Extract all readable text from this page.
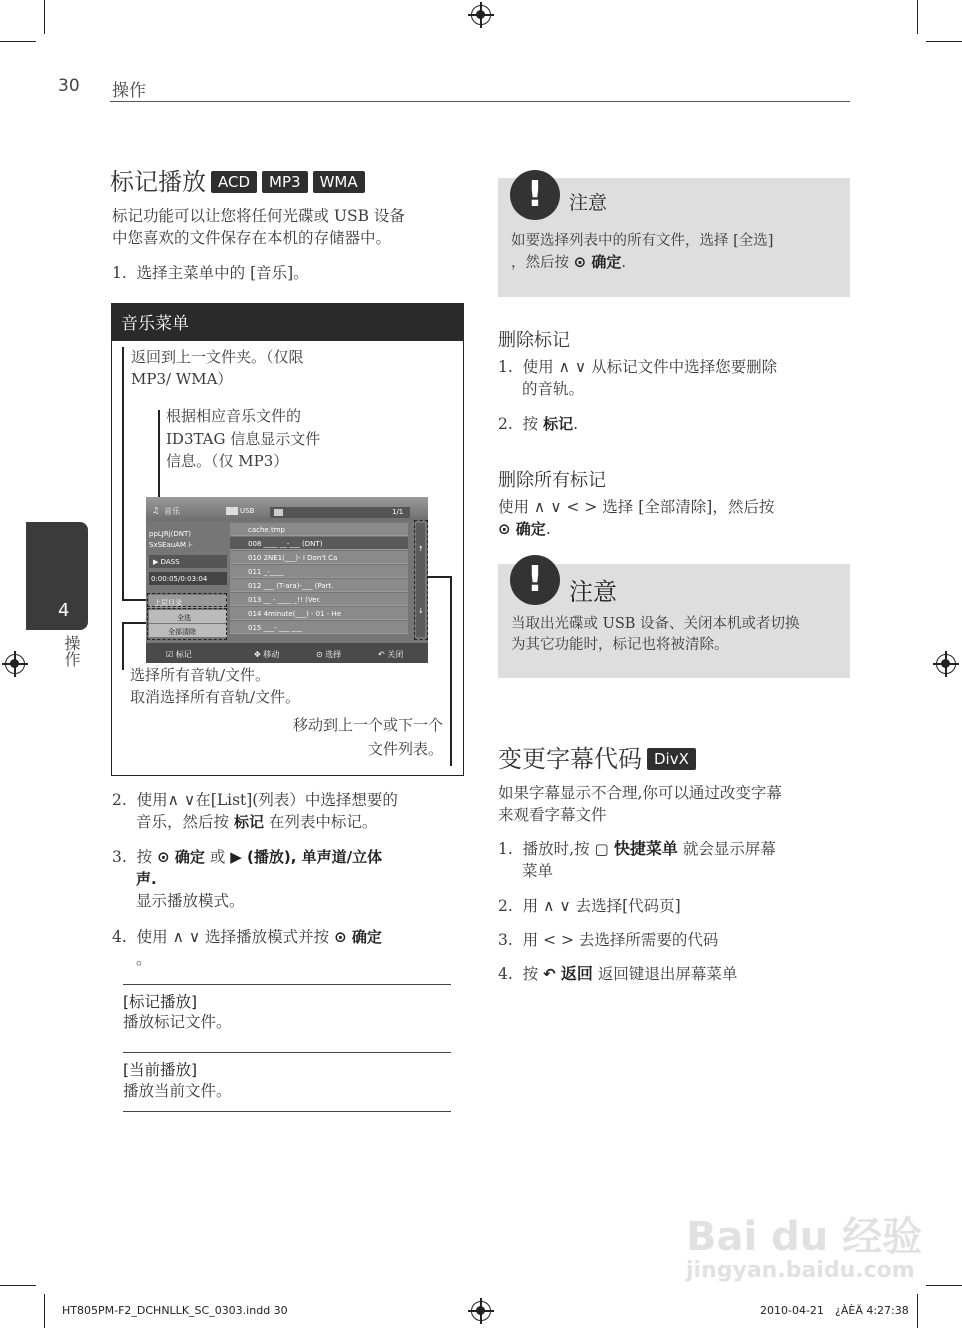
30 操作
4
操作
标记播放 ACD MP3 WMA
标记功能可以让您将任何光碟或 USB 设备
中您喜欢的文件保存在本机的存储器中。
1. 选择主菜单中的 [音乐]。
音乐菜单
返回到上一文件夹。（仅限
MP3/ WMA）
根据相应音乐文件的
ID3TAG 信息显示文件
信息。（仅 MP3）
♫ 音乐	USB	1/1
ppLJRj(DNT)
SxSEauAM i-
▶ DASS
0:00:05/0:03:04
上层目录
全选
全部清除
cache.tmp
008 ____ __-___ (DNT)
010 2NE1(___)- I Don't Ca
011 _-____
012 ___ (T-ara)-___ (Part.
013 __ - ____ _!! (Ver.
014 4minute(___) - 01 - He
015 ___- ___ ___
↑
↓
☑ 标记	✥ 移动	⊙ 选择	↶ 关闭
选择所有音轨/文件。
取消选择所有音轨/文件。
移动到上一个或下一个
文件列表。
2. 使用∧ ∨在[List](列表）中选择想要的
音乐，然后按 标记 在列表中标记。
3. 按 ⊙ 确定 或 ▶ (播放), 单声道/立体
声.
显示播放模式。
4. 使用 ∧ ∨ 选择播放模式并按 ⊙ 确定
。
[标记播放]
播放标记文件。
[当前播放]
播放当前文件。
!	注意
如要选择列表中的所有文件，选择 [全选]
，然后按 ⊙ 确定.
删除标记
1. 使用 ∧ ∨ 从标记文件中选择您要删除
的音轨。
2. 按 标记.
删除所有标记
使用 ∧ ∨ < > 选择 [全部清除]，然后按
⊙ 确定.
!	注意
当取出光碟或 USB 设备、关闭本机或者切换
为其它功能时，标记也将被清除。
变更字幕代码 DivX
如果字幕显示不合理,你可以通过改变字幕
来观看字幕文件
1. 播放时,按 ▢ 快捷菜单 就会显示屏幕
菜单
2. 用 ∧ ∨ 去选择[代码页]
3. 用 < > 去选择所需要的代码
4. 按 ↶ 返回 返回键退出屏幕菜单
Bai du 经验
jingyan.baidu.com
HT805PM-F2_DCHNLLK_SC_0303.indd 30	2010-04-21 ¿ÀÈÄ 4:27:38
